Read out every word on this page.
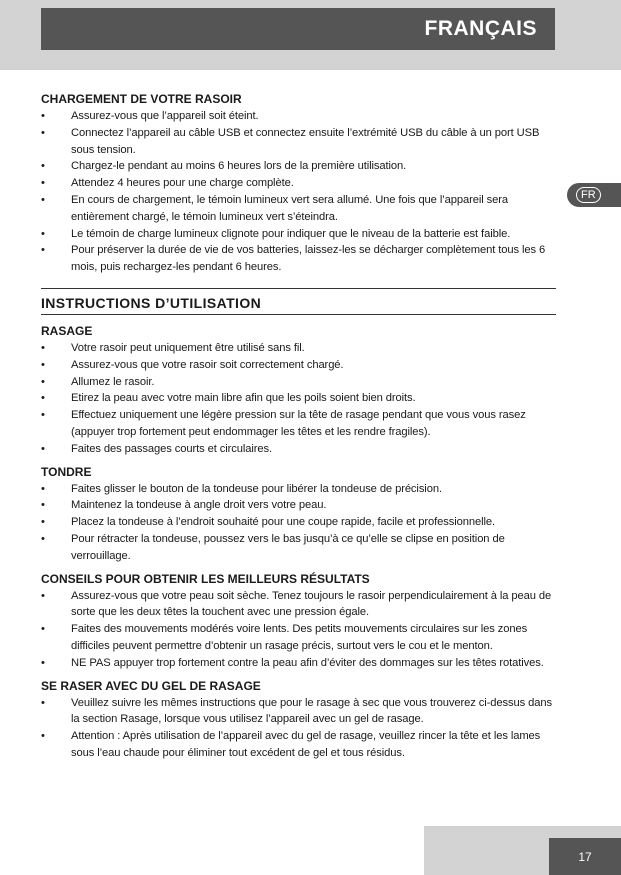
FRANÇAIS
FR
CHARGEMENT DE VOTRE RASOIR
• Assurez-vous que l’appareil soit éteint.
• Connectez l’appareil au câble USB et connectez ensuite l’extrémité USB du câble à un port USB sous tension.
• Chargez-le pendant au moins 6 heures lors de la première utilisation.
• Attendez 4 heures pour une charge complète.
• En cours de chargement, le témoin lumineux vert sera allumé. Une fois que l’appareil sera entièrement chargé, le témoin lumineux vert s’éteindra.
• Le témoin de charge lumineux clignote pour indiquer que le niveau de la batterie est faible.
• Pour préserver la durée de vie de vos batteries, laissez-les se décharger complètement tous les 6 mois, puis rechargez-les pendant 6 heures.
INSTRUCTIONS D’UTILISATION
RASAGE
• Votre rasoir peut uniquement être utilisé sans fil.
• Assurez-vous que votre rasoir soit correctement chargé.
• Allumez le rasoir.
• Etirez la peau avec votre main libre afin que les poils soient bien droits.
• Effectuez uniquement une légère pression sur la tête de rasage pendant que vous vous rasez (appuyer trop fortement peut endommager les têtes et les rendre fragiles).
• Faites des passages courts et circulaires.
TONDRE
• Faites glisser le bouton de la tondeuse pour libérer la tondeuse de précision.
• Maintenez la tondeuse à angle droit vers votre peau.
• Placez la tondeuse à l’endroit souhaité pour une coupe rapide, facile et professionnelle.
• Pour rétracter la tondeuse, poussez vers le bas jusqu’à ce qu’elle se clipse en position de verrouillage.
CONSEILS POUR OBTENIR LES MEILLEURS RÉSULTATS
• Assurez-vous que votre peau soit sèche. Tenez toujours le rasoir perpendiculairement à la peau de sorte que les deux têtes la touchent avec une pression égale.
• Faites des mouvements modérés voire lents. Des petits mouvements circulaires sur les zones difficiles peuvent permettre d’obtenir un rasage précis, surtout vers le cou et le menton.
• NE PAS appuyer trop fortement contre la peau afin d’éviter des dommages sur les têtes rotatives.
SE RASER AVEC DU GEL DE RASAGE
• Veuillez suivre les mêmes instructions que pour le rasage à sec que vous trouverez ci-dessus dans la section Rasage, lorsque vous utilisez l’appareil avec un gel de rasage.
• Attention : Après utilisation de l’appareil avec du gel de rasage, veuillez rincer la tête et les lames sous l’eau chaude pour éliminer tout excédent de gel et tous résidus.
17
